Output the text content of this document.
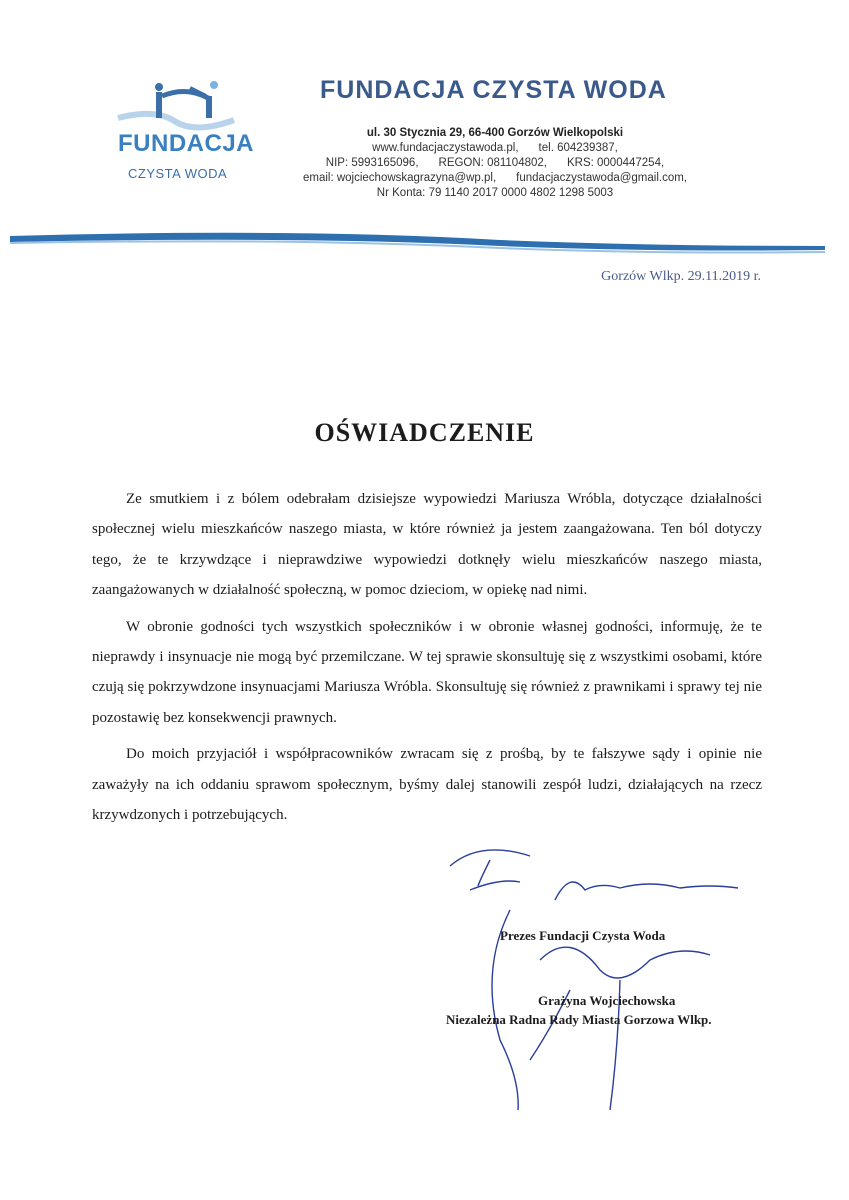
FUNDACJA
CZYSTA WODA
FUNDACJA CZYSTA WODA
ul. 30 Stycznia 29, 66-400 Gorzów Wielkopolski
www.fundacjaczystawoda.pl, tel. 604239387,
NIP: 5993165096, REGON: 081104802, KRS: 0000447254,
email: wojciechowskagrazyna@wp.pl, fundacjaczystawoda@gmail.com,
Nr Konta: 79 1140 2017 0000 4802 1298 5003
Gorzów Wlkp. 29.11.2019 r.
OŚWIADCZENIE

Ze smutkiem i z bólem odebrałam dzisiejsze wypowiedzi Mariusza Wróbla, dotyczące działalności społecznej wielu mieszkańców naszego miasta, w które również ja jestem zaangażowana. Ten ból dotyczy tego, że te krzywdzące i nieprawdziwe wypowiedzi dotknęły wielu mieszkańców naszego miasta, zaangażowanych w działalność społeczną, w pomoc dzieciom, w opiekę nad nimi.

W obronie godności tych wszystkich społeczników i w obronie własnej godności, informuję, że te nieprawdy i insynuacje nie mogą być przemilczane. W tej sprawie skonsultuję się z wszystkimi osobami, które czują się pokrzywdzone insynuacjami Mariusza Wróbla. Skonsultuję się również z prawnikami i sprawy tej nie pozostawię bez konsekwencji prawnych.

Do moich przyjaciół i współpracowników zwracam się z prośbą, by te fałszywe sądy i opinie nie zaważyły na ich oddaniu sprawom społecznym, byśmy dalej stanowili zespół ludzi, działających na rzecz krzywdzonych i potrzebujących.

Prezes Fundacji Czysta Woda
Grażyna Wojciechowska
Niezależna Radna Rady Miasta Gorzowa Wlkp.
